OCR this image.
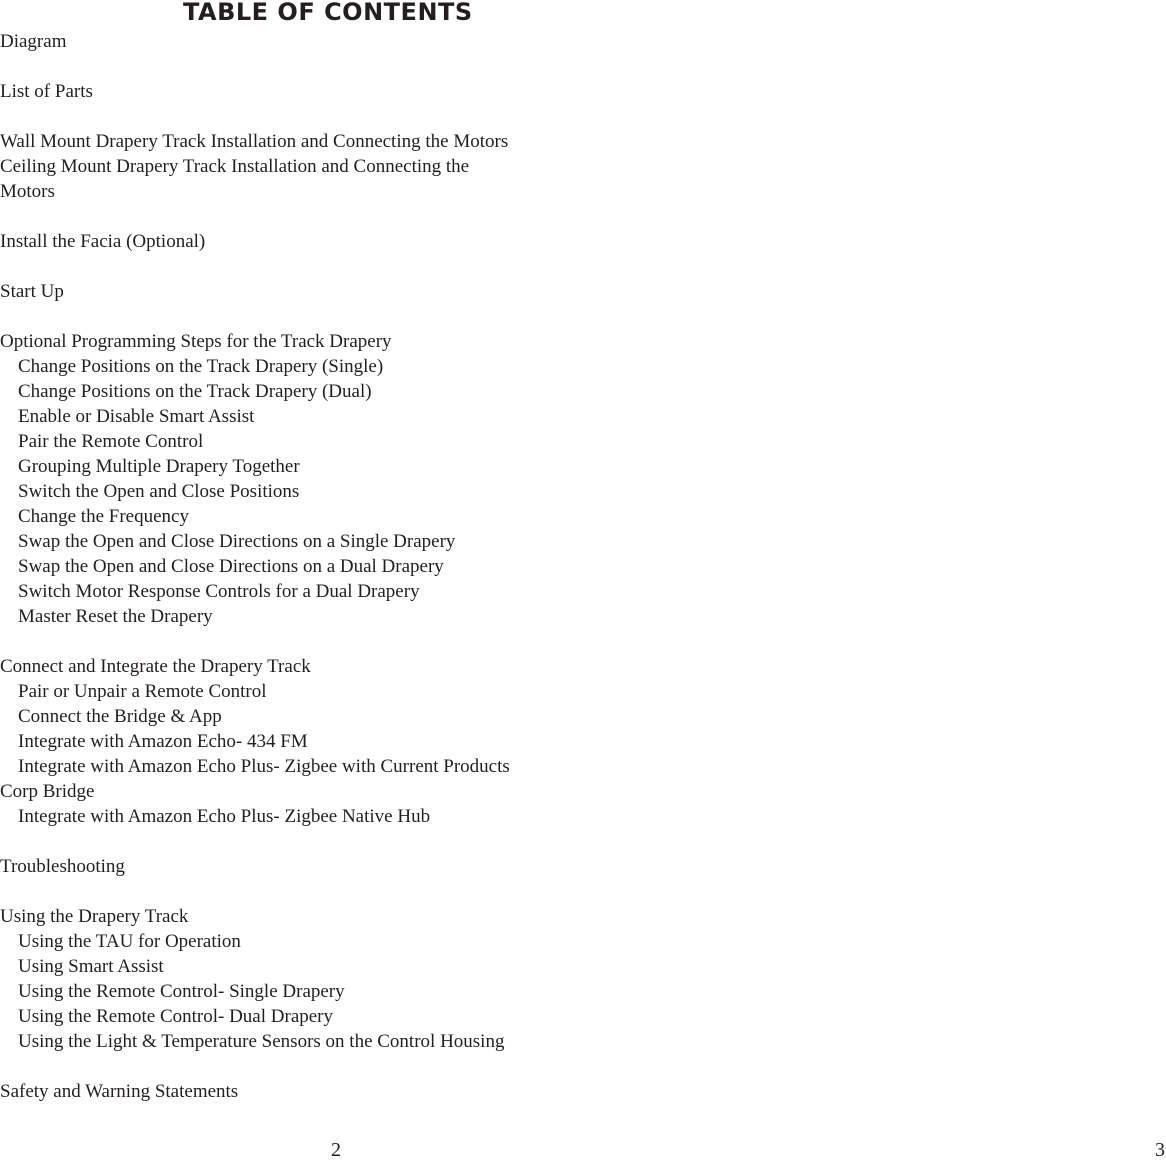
TABLE OF CONTENTS
Diagram
List of Parts
Wall Mount Drapery Track Installation and Connecting the Motors
Ceiling Mount Drapery Track Installation and Connecting the
Motors
Install the Facia (Optional)
Start Up
Optional Programming Steps for the Track Drapery
Change Positions on the Track Drapery (Single)
Change Positions on the Track Drapery (Dual)
Enable or Disable Smart Assist
Pair the Remote Control
Grouping Multiple Drapery Together
Switch the Open and Close Positions
Change the Frequency
Swap the Open and Close Directions on a Single Drapery
Swap the Open and Close Directions on a Dual Drapery
Switch Motor Response Controls for a Dual Drapery
Master Reset the Drapery
Connect and Integrate the Drapery Track
Pair or Unpair a Remote Control
Connect the Bridge & App
Integrate with Amazon Echo- 434 FM
Integrate with Amazon Echo Plus- Zigbee with Current Products
Corp Bridge
Integrate with Amazon Echo Plus- Zigbee Native Hub
Troubleshooting
Using the Drapery Track
Using the TAU for Operation
Using Smart Assist
Using the Remote Control- Single Drapery
Using the Remote Control- Dual Drapery
Using the Light & Temperature Sensors on the Control Housing
Safety and Warning Statements
2	3
